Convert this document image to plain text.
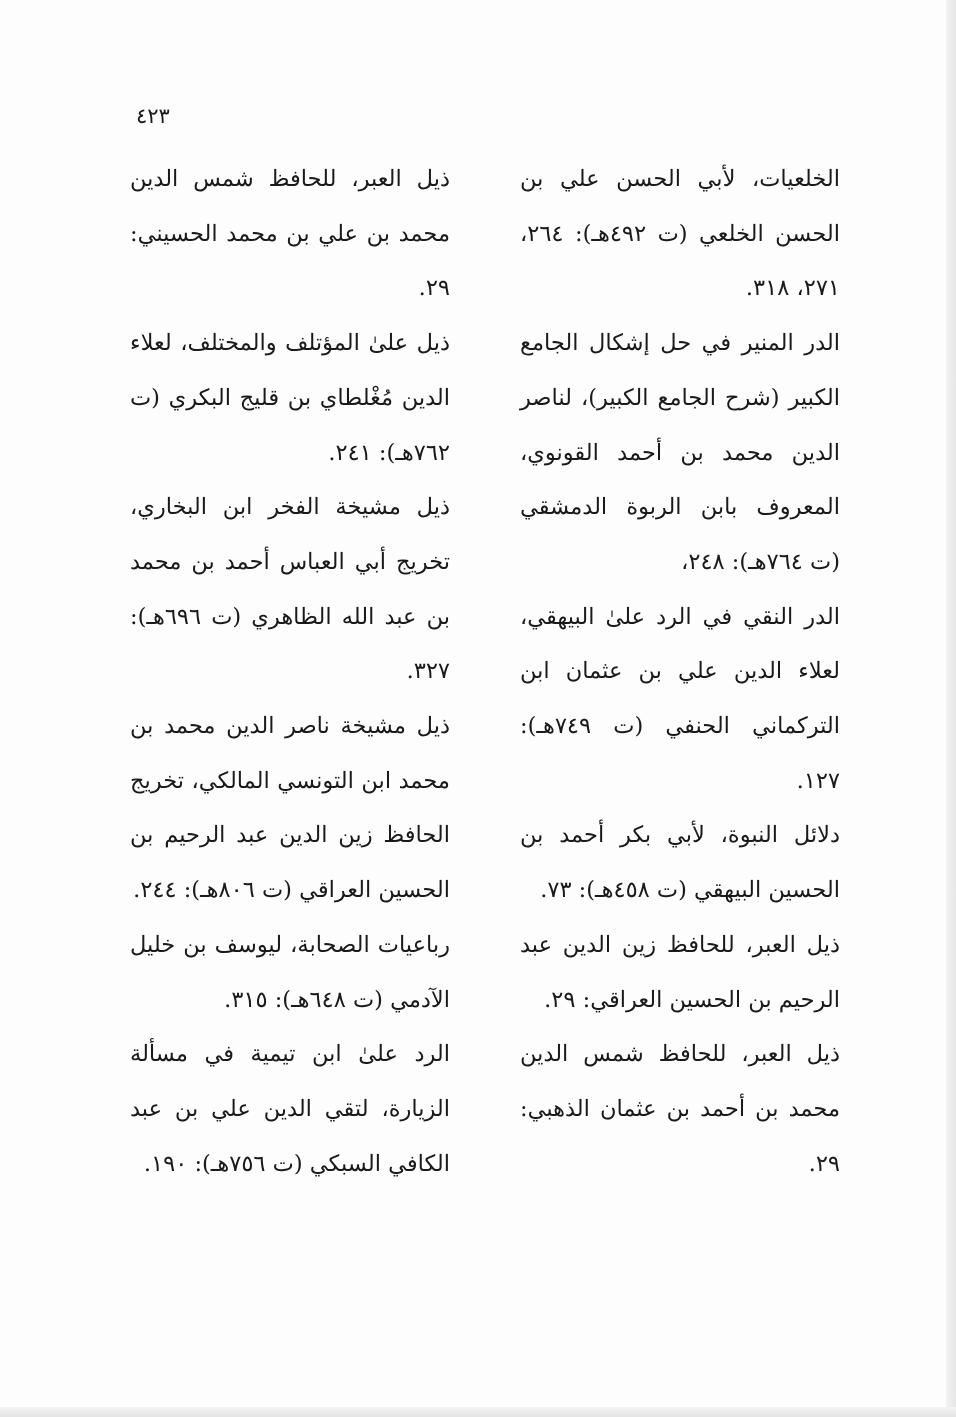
٤٢٣

الخلعيات، لأبي الحسن علي بن الحسن الخلعي (ت ٤٩٢هـ): ٢٦٤، ٢٧١، ٣١٨.

الدر المنير في حل إشكال الجامع الكبير (شرح الجامع الكبير)، لناصر الدين محمد بن أحمد القونوي، المعروف بابن الربوة الدمشقي (ت ٧٦٤هـ): ٢٤٨،

الدر النقي في الرد علىٰ البيهقي، لعلاء الدين علي بن عثمان ابن التركماني الحنفي (ت ٧٤٩هـ): ١٢٧.

دلائل النبوة، لأبي بكر أحمد بن الحسين البيهقي (ت ٤٥٨هـ): ٧٣.

ذيل العبر، للحافظ زين الدين عبد الرحيم بن الحسين العراقي: ٢٩.

ذيل العبر، للحافظ شمس الدين محمد بن أحمد بن عثمان الذهبي: ٢٩.

ذيل العبر، للحافظ شمس الدين محمد بن علي بن محمد الحسيني: ٢٩.

ذيل علىٰ المؤتلف والمختلف، لعلاء الدين مُغْلطاي بن قليج البكري (ت ٧٦٢هـ): ٢٤١.

ذيل مشيخة الفخر ابن البخاري، تخريج أبي العباس أحمد بن محمد بن عبد الله الظاهري (ت ٦٩٦هـ): ٣٢٧.

ذيل مشيخة ناصر الدين محمد بن محمد ابن التونسي المالكي، تخريج الحافظ زين الدين عبد الرحيم بن الحسين العراقي (ت ٨٠٦هـ): ٢٤٤.

رباعيات الصحابة، ليوسف بن خليل الآدمي (ت ٦٤٨هـ): ٣١٥.

الرد علىٰ ابن تيمية في مسألة الزيارة، لتقي الدين علي بن عبد الكافي السبكي (ت ٧٥٦هـ): ١٩٠.
